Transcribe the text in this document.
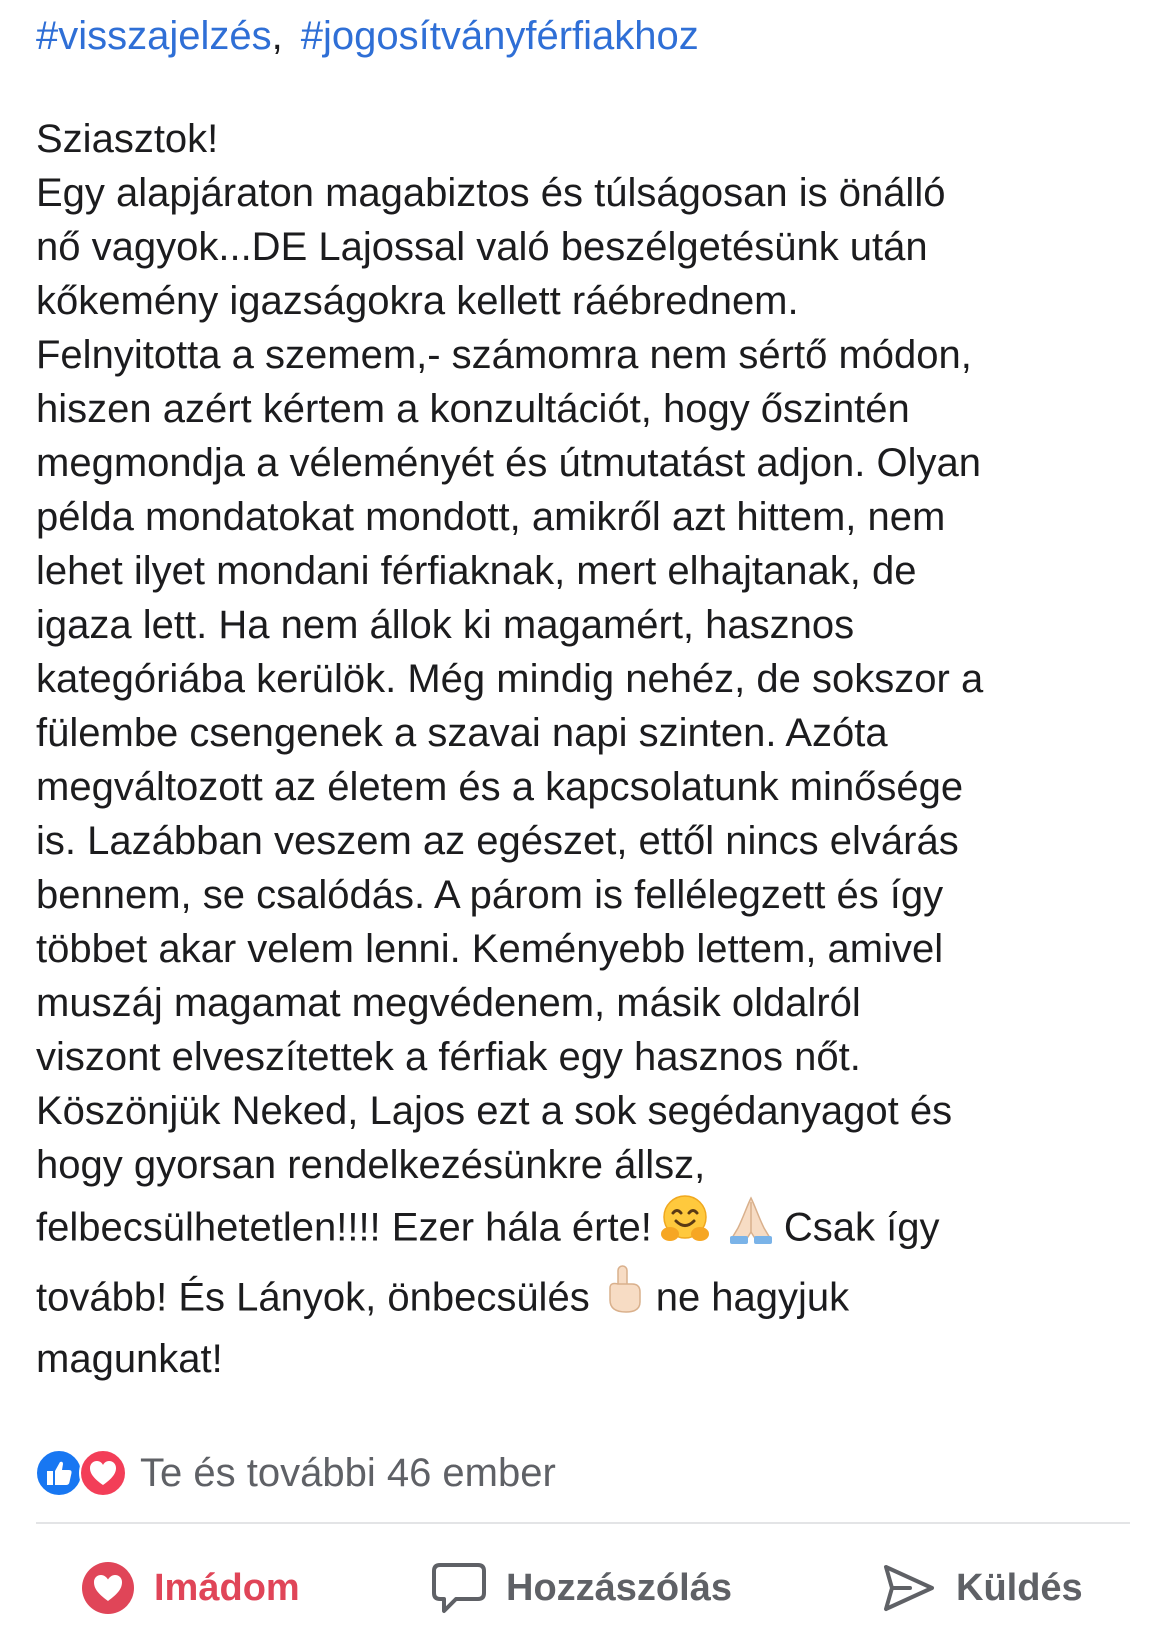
#visszajelzés, #jogosítványférfiakhoz
Sziasztok!
Egy alapjáraton magabiztos és túlságosan is önálló
nő vagyok...DE Lajossal való beszélgetésünk után
kőkemény igazságokra kellett ráébrednem.
Felnyitotta a szemem,- számomra nem sértő módon,
hiszen azért kértem a konzultációt, hogy őszintén
megmondja a véleményét és útmutatást adjon. Olyan
példa mondatokat mondott, amikről azt hittem, nem
lehet ilyet mondani férfiaknak, mert elhajtanak, de
igaza lett. Ha nem állok ki magamért, hasznos
kategóriába kerülök. Még mindig nehéz, de sokszor a
fülembe csengenek a szavai napi szinten. Azóta
megváltozott az életem és a kapcsolatunk minősége
is. Lazábban veszem az egészet, ettől nincs elvárás
bennem, se csalódás. A párom is fellélegzett és így
többet akar velem lenni. Keményebb lettem, amivel
muszáj magamat megvédenem, másik oldalról
viszont elveszítettek a férfiak egy hasznos nőt.
Köszönjük Neked, Lajos ezt a sok segédanyagot és
hogy gyorsan rendelkezésünkre állsz,
felbecsülhetetlen!!!! Ezer hála érte!	Csak így
tovább! És Lányok, önbecsülés ne hagyjuk
magunkat!
Te és további 46 ember
Imádom	Hozzászólás	Küldés
